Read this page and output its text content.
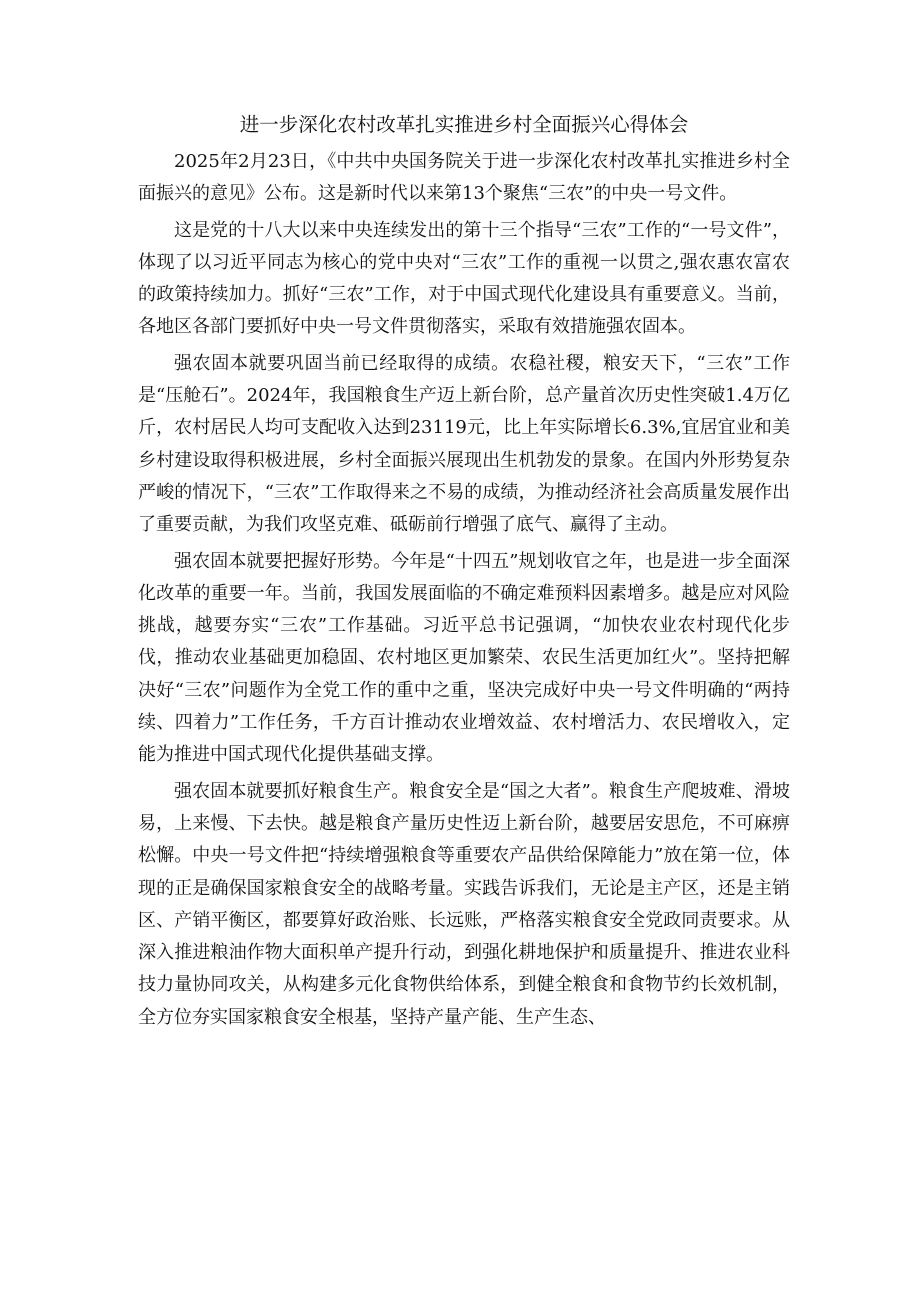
进一步深化农村改革扎实推进乡村全面振兴心得体会

2025年2月23日，《中共中央国务院关于进一步深化农村改革扎实推进乡村全面振兴的意见》公布。这是新时代以来第13个聚焦“三农”的中央一号文件。

这是党的十八大以来中央连续发出的第十三个指导“三农”工作的“一号文件”，体现了以习近平同志为核心的党中央对“三农”工作的重视一以贯之,强农惠农富农的政策持续加力。抓好“三农”工作，对于中国式现代化建设具有重要意义。当前，各地区各部门要抓好中央一号文件贯彻落实，采取有效措施强农固本。

强农固本就要巩固当前已经取得的成绩。农稳社稷，粮安天下，“三农”工作是“压舱石”。2024年，我国粮食生产迈上新台阶，总产量首次历史性突破1.4万亿斤，农村居民人均可支配收入达到23119元，比上年实际增长6.3%,宜居宜业和美乡村建设取得积极进展，乡村全面振兴展现出生机勃发的景象。在国内外形势复杂严峻的情况下，“三农”工作取得来之不易的成绩，为推动经济社会高质量发展作出了重要贡献，为我们攻坚克难、砥砺前行增强了底气、赢得了主动。

强农固本就要把握好形势。今年是“十四五”规划收官之年，也是进一步全面深化改革的重要一年。当前，我国发展面临的不确定难预料因素增多。越是应对风险挑战，越要夯实“三农”工作基础。习近平总书记强调，“加快农业农村现代化步伐，推动农业基础更加稳固、农村地区更加繁荣、农民生活更加红火”。坚持把解决好“三农”问题作为全党工作的重中之重，坚决完成好中央一号文件明确的“两持续、四着力”工作任务，千方百计推动农业增效益、农村增活力、农民增收入，定能为推进中国式现代化提供基础支撑。

强农固本就要抓好粮食生产。粮食安全是“国之大者”。粮食生产爬坡难、滑坡易，上来慢、下去快。越是粮食产量历史性迈上新台阶，越要居安思危，不可麻痹松懈。中央一号文件把“持续增强粮食等重要农产品供给保障能力”放在第一位，体现的正是确保国家粮食安全的战略考量。实践告诉我们，无论是主产区，还是主销区、产销平衡区，都要算好政治账、长远账，严格落实粮食安全党政同责要求。从深入推进粮油作物大面积单产提升行动，到强化耕地保护和质量提升、推进农业科技力量协同攻关，从构建多元化食物供给体系，到健全粮食和食物节约长效机制，全方位夯实国家粮食安全根基，坚持产量产能、生产生态、
